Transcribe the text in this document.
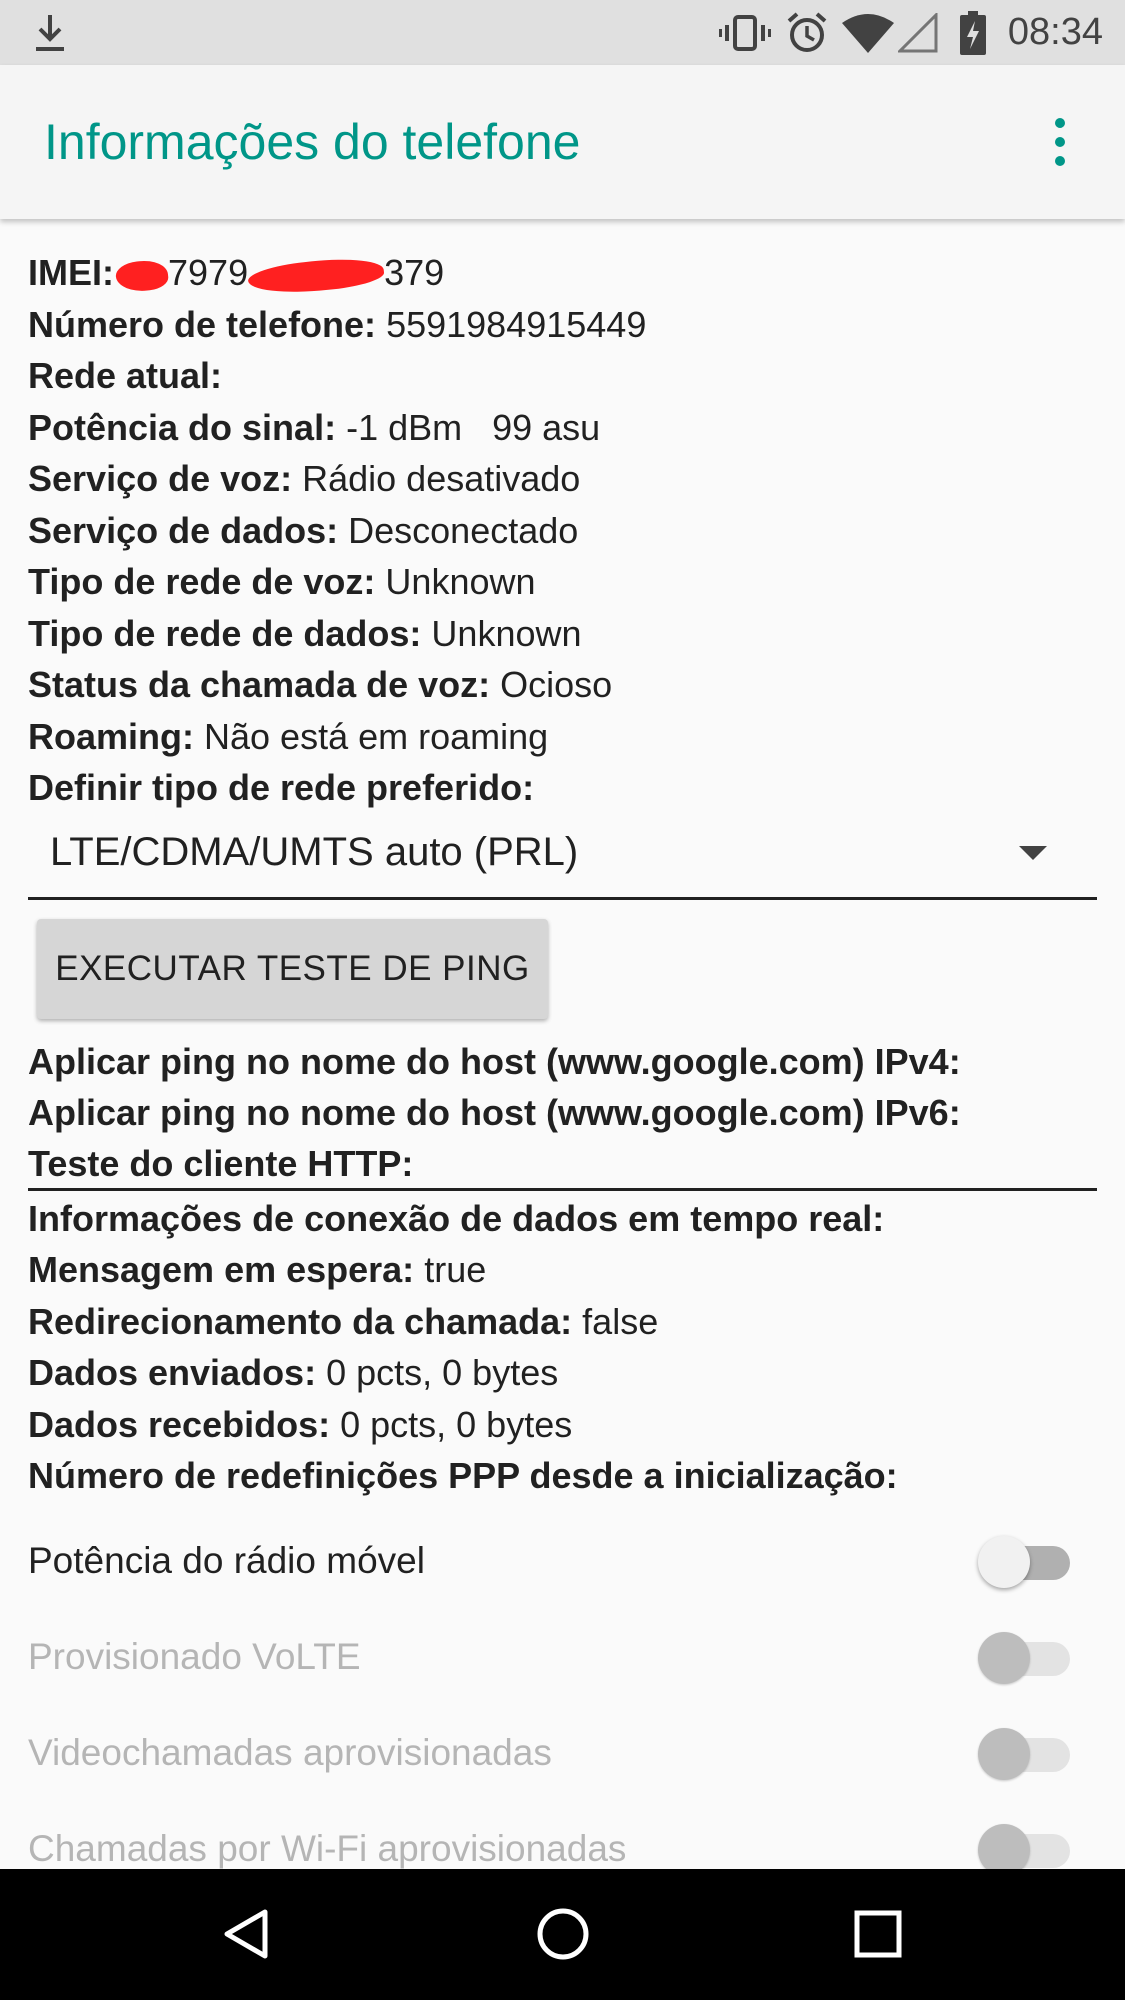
08:34
Informações do telefone
IMEI: 7979	379
Número de telefone: 5591984915449
Rede atual:
Potência do sinal: -1 dBm   99 asu
Serviço de voz: Rádio desativado
Serviço de dados: Desconectado
Tipo de rede de voz: Unknown
Tipo de rede de dados: Unknown
Status da chamada de voz: Ocioso
Roaming: Não está em roaming
Definir tipo de rede preferido:
LTE/CDMA/UMTS auto (PRL)
EXECUTAR TESTE DE PING
Aplicar ping no nome do host (www.google.com) IPv4:
Aplicar ping no nome do host (www.google.com) IPv6:
Teste do cliente HTTP:
Informações de conexão de dados em tempo real:
Mensagem em espera: true
Redirecionamento da chamada: false
Dados enviados: 0 pcts, 0 bytes
Dados recebidos: 0 pcts, 0 bytes
Número de redefinições PPP desde a inicialização:
Potência do rádio móvel
Provisionado VoLTE
Videochamadas aprovisionadas
Chamadas por Wi-Fi aprovisionadas
